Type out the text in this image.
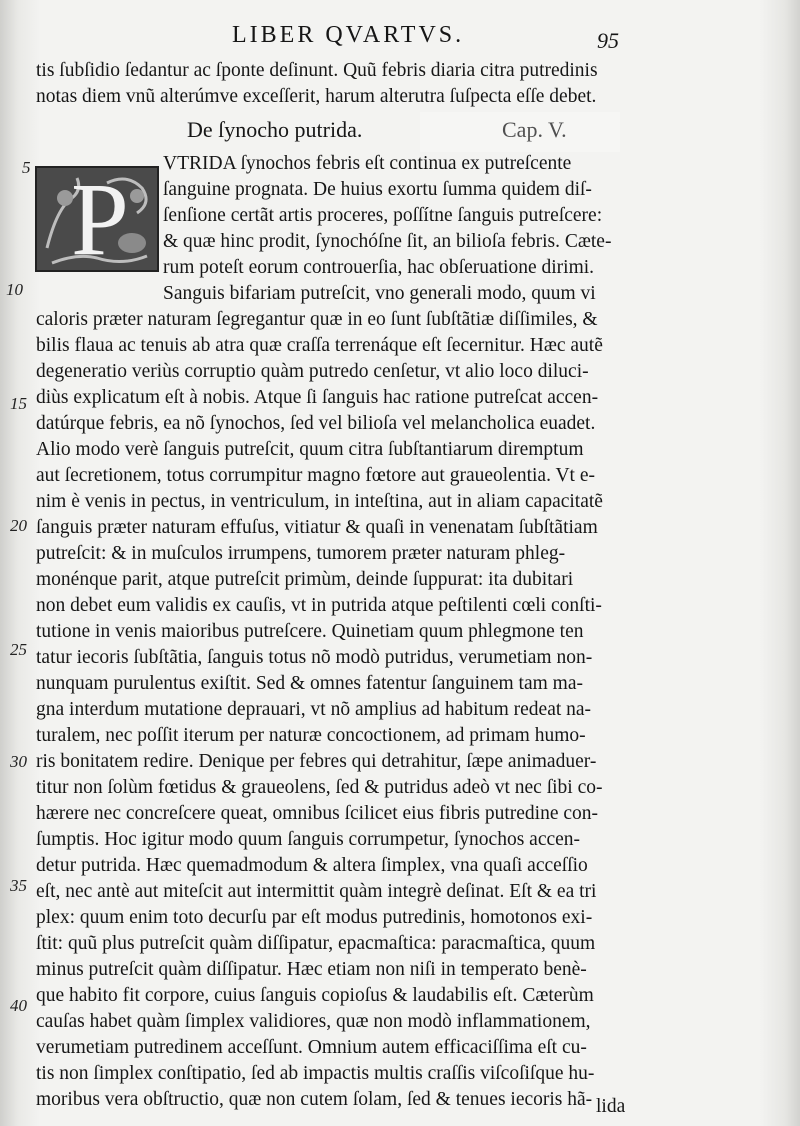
LIBER QVARTVS.	95
tis ſubſidio ſedantur ac ſponte deſinunt. Quũ febris diaria citra putredinis
notas diem vnũ alterúmve exceſſerit, harum alterutra ſuſpecta eſſe debet.
De ſynocho putrida.	Cap. V.
P VTRIDA ſynochos febris eſt continua ex putreſcente
ſanguine prognata. De huius exortu ſumma quidem diſ-
ſenſione certãt artis proceres, poſſítne ſanguis putreſcere:
& quæ hinc prodit, ſynochóſne ſit, an bilioſa febris. Cæte-
rum poteſt eorum controuerſia, hac obſeruatione dirimi.
Sanguis bifariam putreſcit, vno generali modo, quum vi
caloris præter naturam ſegregantur quæ in eo ſunt ſubſtãtiæ diſſimiles, &
bilis flaua ac tenuis ab atra quæ craſſa terrenáque eſt ſecernitur. Hæc autẽ
degeneratio veriùs corruptio quàm putredo cenſetur, vt alio loco diluci-
diùs explicatum eſt à nobis. Atque ſi ſanguis hac ratione putreſcat accen-
datúrque febris, ea nõ ſynochos, ſed vel bilioſa vel melancholica euadet.
Alio modo verè ſanguis putreſcit, quum citra ſubſtantiarum diremptum
aut ſecretionem, totus corrumpitur magno fœtore aut graueolentia. Vt e-
nim è venis in pectus, in ventriculum, in inteſtina, aut in aliam capacitatẽ
ſanguis præter naturam effuſus, vitiatur & quaſi in venenatam ſubſtãtiam
putreſcit: & in muſculos irrumpens, tumorem præter naturam phleg-
monénque parit, atque putreſcit primùm, deinde ſuppurat: ita dubitari
non debet eum validis ex cauſis, vt in putrida atque peſtilenti cœli conſti-
tutione in venis maioribus putreſcere. Quinetiam quum phlegmone ten
tatur iecoris ſubſtãtia, ſanguis totus nõ modò putridus, verumetiam non-
nunquam purulentus exiſtit. Sed & omnes fatentur ſanguinem tam ma-
gna interdum mutatione deprauari, vt nõ amplius ad habitum redeat na-
turalem, nec poſſit iterum per naturæ concoctionem, ad primam humo-
ris bonitatem redire. Denique per febres qui detrahitur, ſæpe animaduer-
titur non ſolùm fœtidus & graueolens, ſed & putridus adeò vt nec ſibi co-
hærere nec concreſcere queat, omnibus ſcilicet eius fibris putredine con-
ſumptis. Hoc igitur modo quum ſanguis corrumpetur, ſynochos accen-
detur putrida. Hæc quemadmodum & altera ſimplex, vna quaſi acceſſio
eſt, nec antè aut miteſcit aut intermittit quàm integrè deſinat. Eſt & ea tri
plex: quum enim toto decurſu par eſt modus putredinis, homotonos exi-
ſtit: quũ plus putreſcit quàm diſſipatur, epacmaſtica: paracmaſtica, quum
minus putreſcit quàm diſſipatur. Hæc etiam non niſi in temperato benè-
que habito fit corpore, cuius ſanguis copioſus & laudabilis eſt. Cæterùm
cauſas habet quàm ſimplex validiores, quæ non modò inflammationem,
verumetiam putredinem acceſſunt. Omnium autem efficaciſſima eſt cu-
tis non ſimplex conſtipatio, ſed ab impactis multis craſſis viſcoſiſque hu-
moribus vera obſtructio, quæ non cutem ſolam, ſed & tenues iecoris hã- lida
5
10
15
20
25
30
35
40
